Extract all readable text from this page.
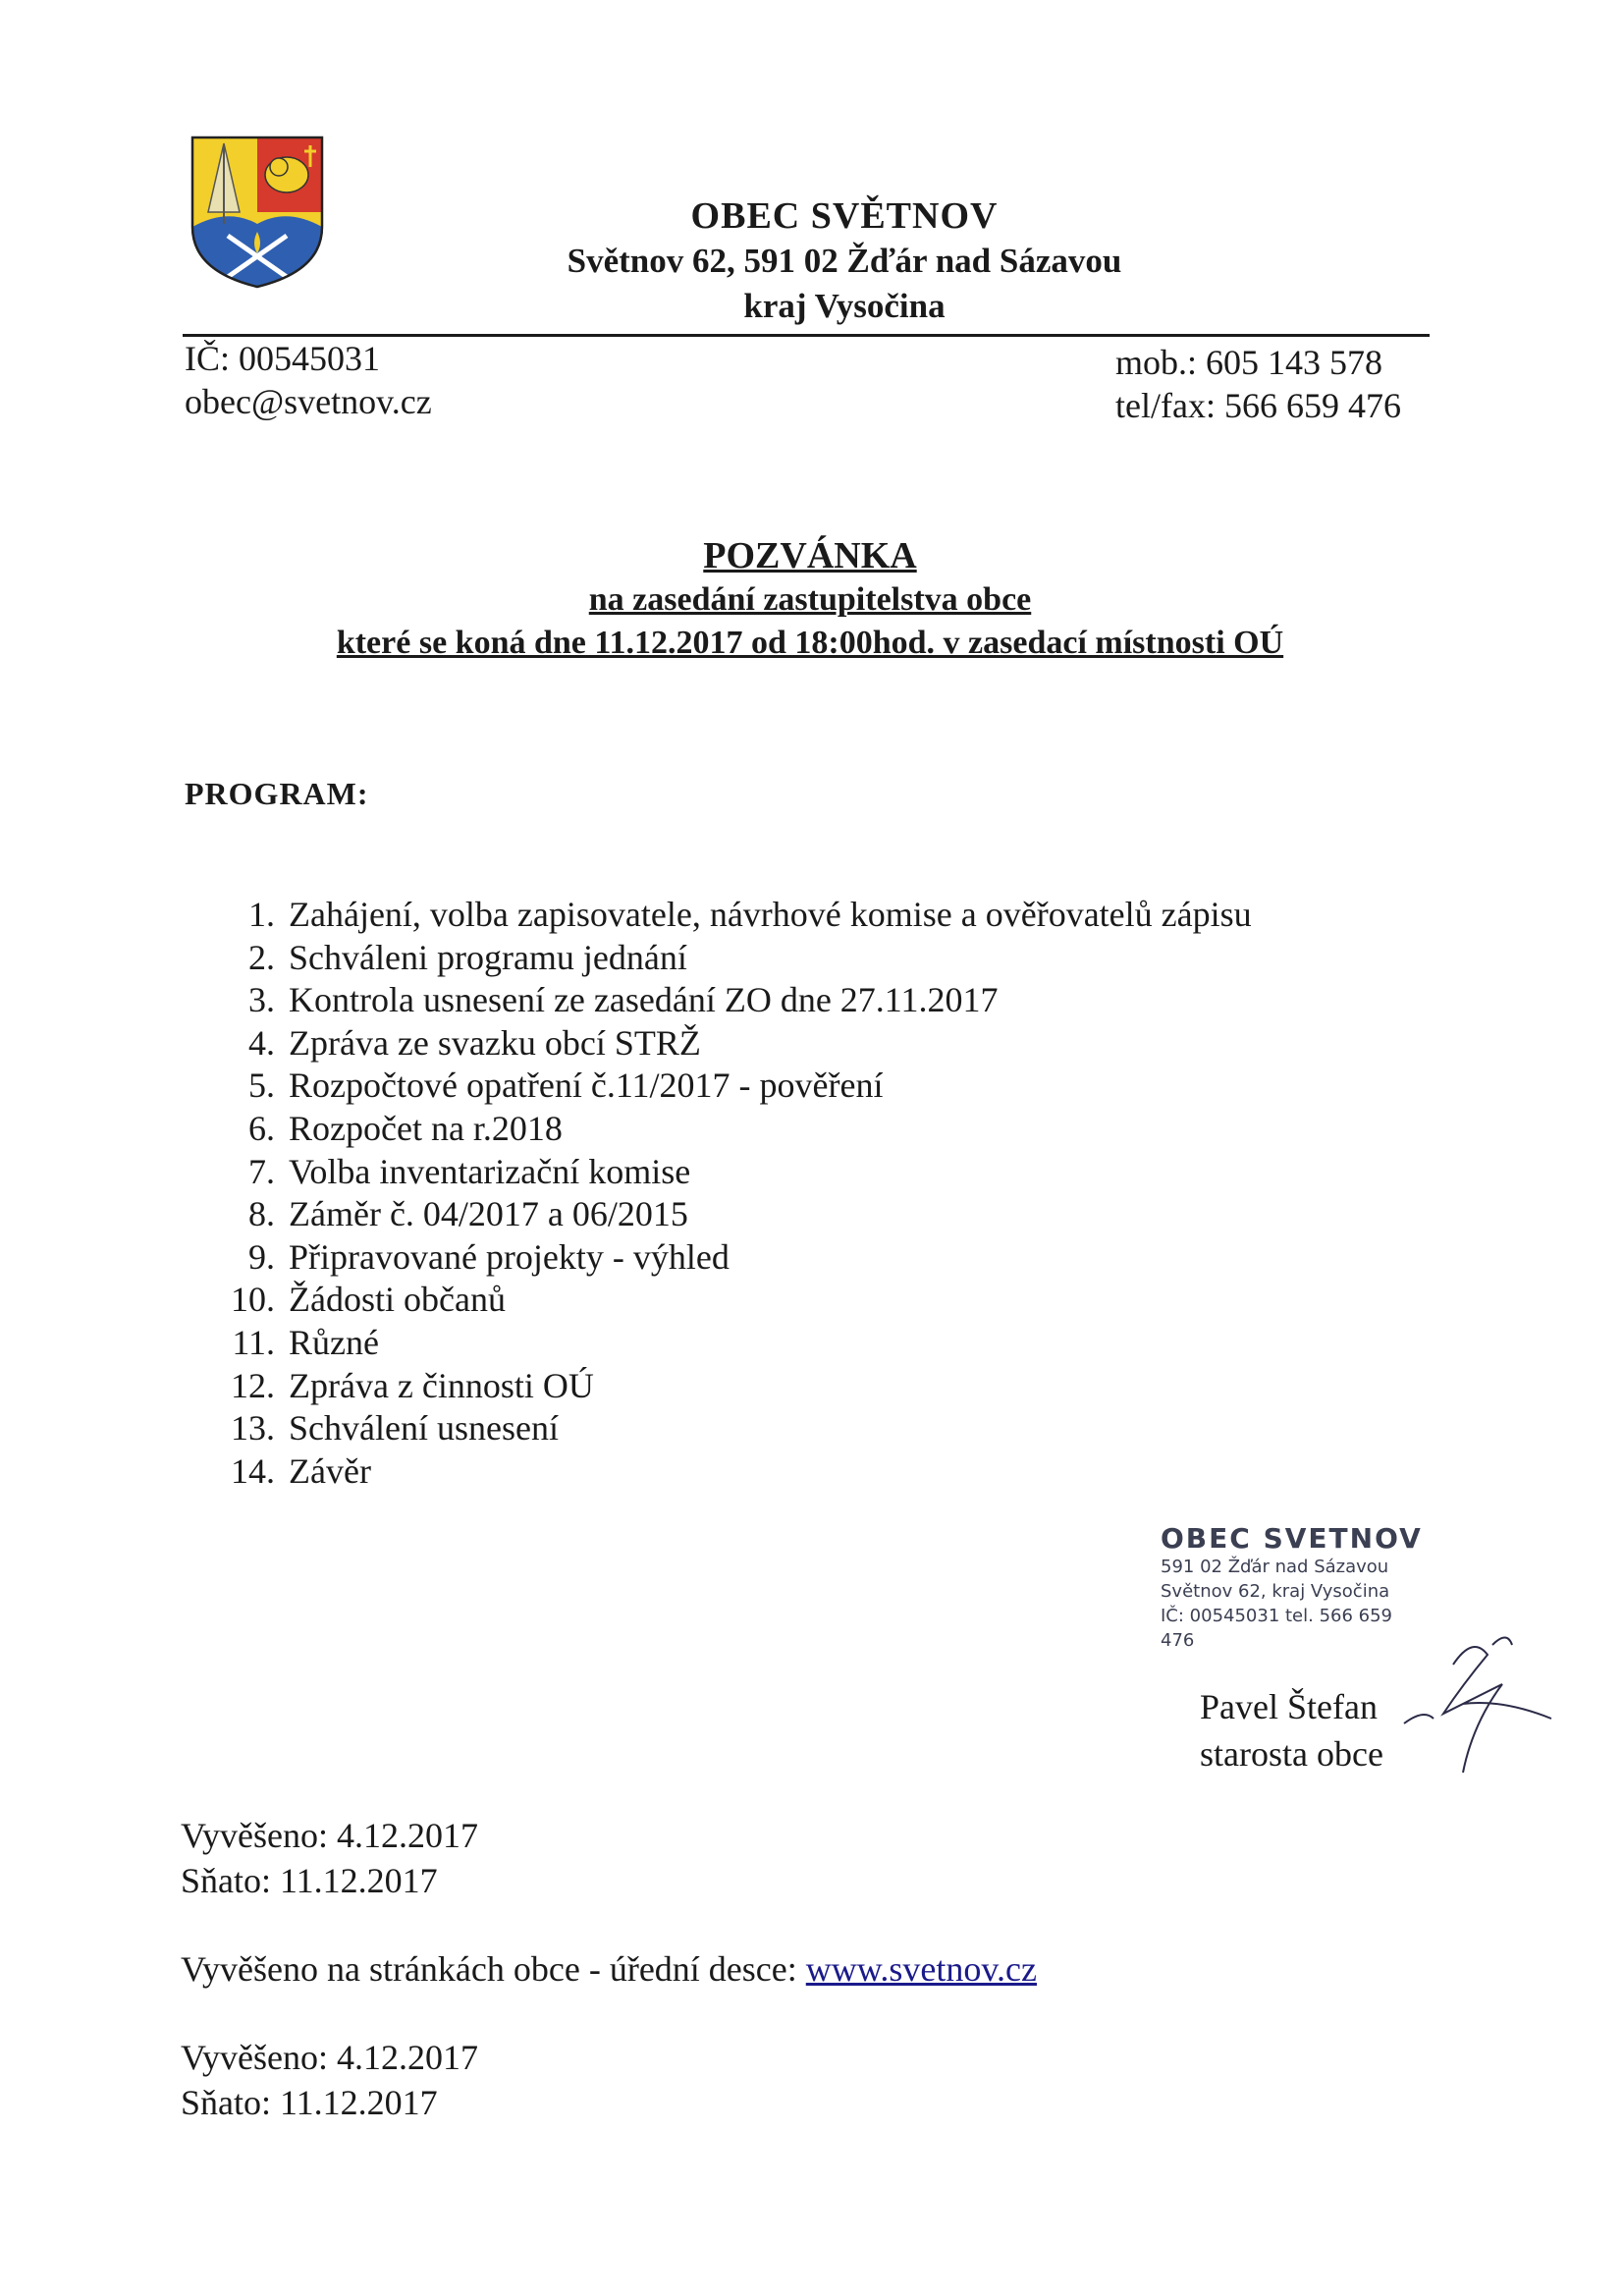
OBEC SVĚTNOV
Světnov 62, 591 02 Žďár nad Sázavou
kraj Vysočina
IČ: 00545031
obec@svetnov.cz
mob.: 605 143 578
tel/fax: 566 659 476
POZVÁNKA
na zasedání zastupitelstva obce
které se koná dne 11.12.2017 od 18:00hod. v zasedací místnosti OÚ
PROGRAM:
1. Zahájení, volba zapisovatele, návrhové komise a ověřovatelů zápisu
2. Schváleni programu jednání
3. Kontrola usnesení ze zasedání ZO dne 27.11.2017
4. Zpráva ze svazku obcí STRŽ
5. Rozpočtové opatření č.11/2017 - pověření
6. Rozpočet na r.2018
7. Volba inventarizační komise
8. Záměr č. 04/2017 a 06/2015
9. Připravované projekty - výhled
10. Žádosti občanů
11. Různé
12. Zpráva z činnosti OÚ
13. Schválení usnesení
14. Závěr
OBEC SVETNOV
591 02 Žďár nad Sázavou
Světnov 62, kraj Vysočina
IČ: 00545031 tel. 566 659 476
Pavel Štefan
starosta obce
Vyvěšeno: 4.12.2017
Sňato: 11.12.2017
Vyvěšeno na stránkách obce - úřední desce: www.svetnov.cz
Vyvěšeno: 4.12.2017
Sňato: 11.12.2017
